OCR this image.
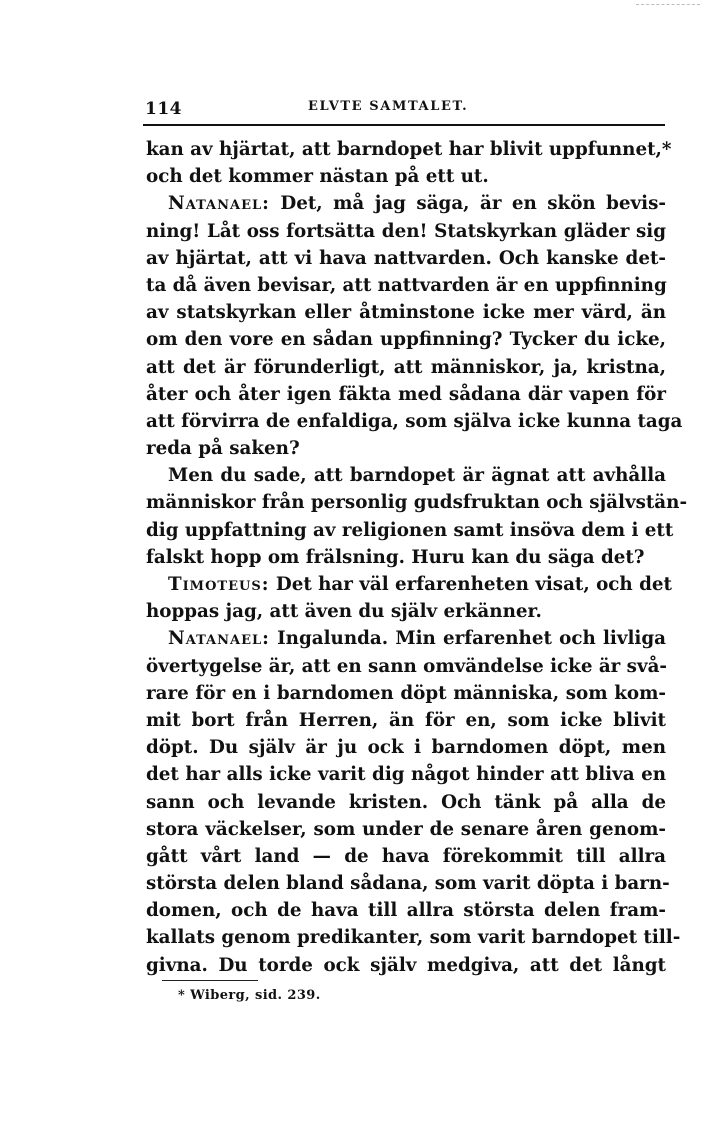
114	ELVTE SAMTALET.
kan av hjärtat, att barndopet har blivit uppfunnet,*
och det kommer nästan på ett ut.
Natanael: Det, må jag säga, är en skön bevis-
ning! Låt oss fortsätta den! Statskyrkan gläder sig
av hjärtat, att vi hava nattvarden. Och kanske det-
ta då även bevisar, att nattvarden är en uppfinning
av statskyrkan eller åtminstone icke mer värd, än
om den vore en sådan uppfinning? Tycker du icke,
att det är förunderligt, att människor, ja, kristna,
åter och åter igen fäkta med sådana där vapen för
att förvirra de enfaldiga, som själva icke kunna taga
reda på saken?
Men du sade, att barndopet är ägnat att avhålla
människor från personlig gudsfruktan och självstän-
dig uppfattning av religionen samt insöva dem i ett
falskt hopp om frälsning. Huru kan du säga det?
Timoteus: Det har väl erfarenheten visat, och det
hoppas jag, att även du själv erkänner.
Natanael: Ingalunda. Min erfarenhet och livliga
övertygelse är, att en sann omvändelse icke är svå-
rare för en i barndomen döpt människa, som kom-
mit bort från Herren, än för en, som icke blivit
döpt. Du själv är ju ock i barndomen döpt, men
det har alls icke varit dig något hinder att bliva en
sann och levande kristen. Och tänk på alla de
stora väckelser, som under de senare åren genom-
gått vårt land — de hava förekommit till allra
största delen bland sådana, som varit döpta i barn-
domen, och de hava till allra största delen fram-
kallats genom predikanter, som varit barndopet till-
givna. Du torde ock själv medgiva, att det långt
* Wiberg, sid. 239.
